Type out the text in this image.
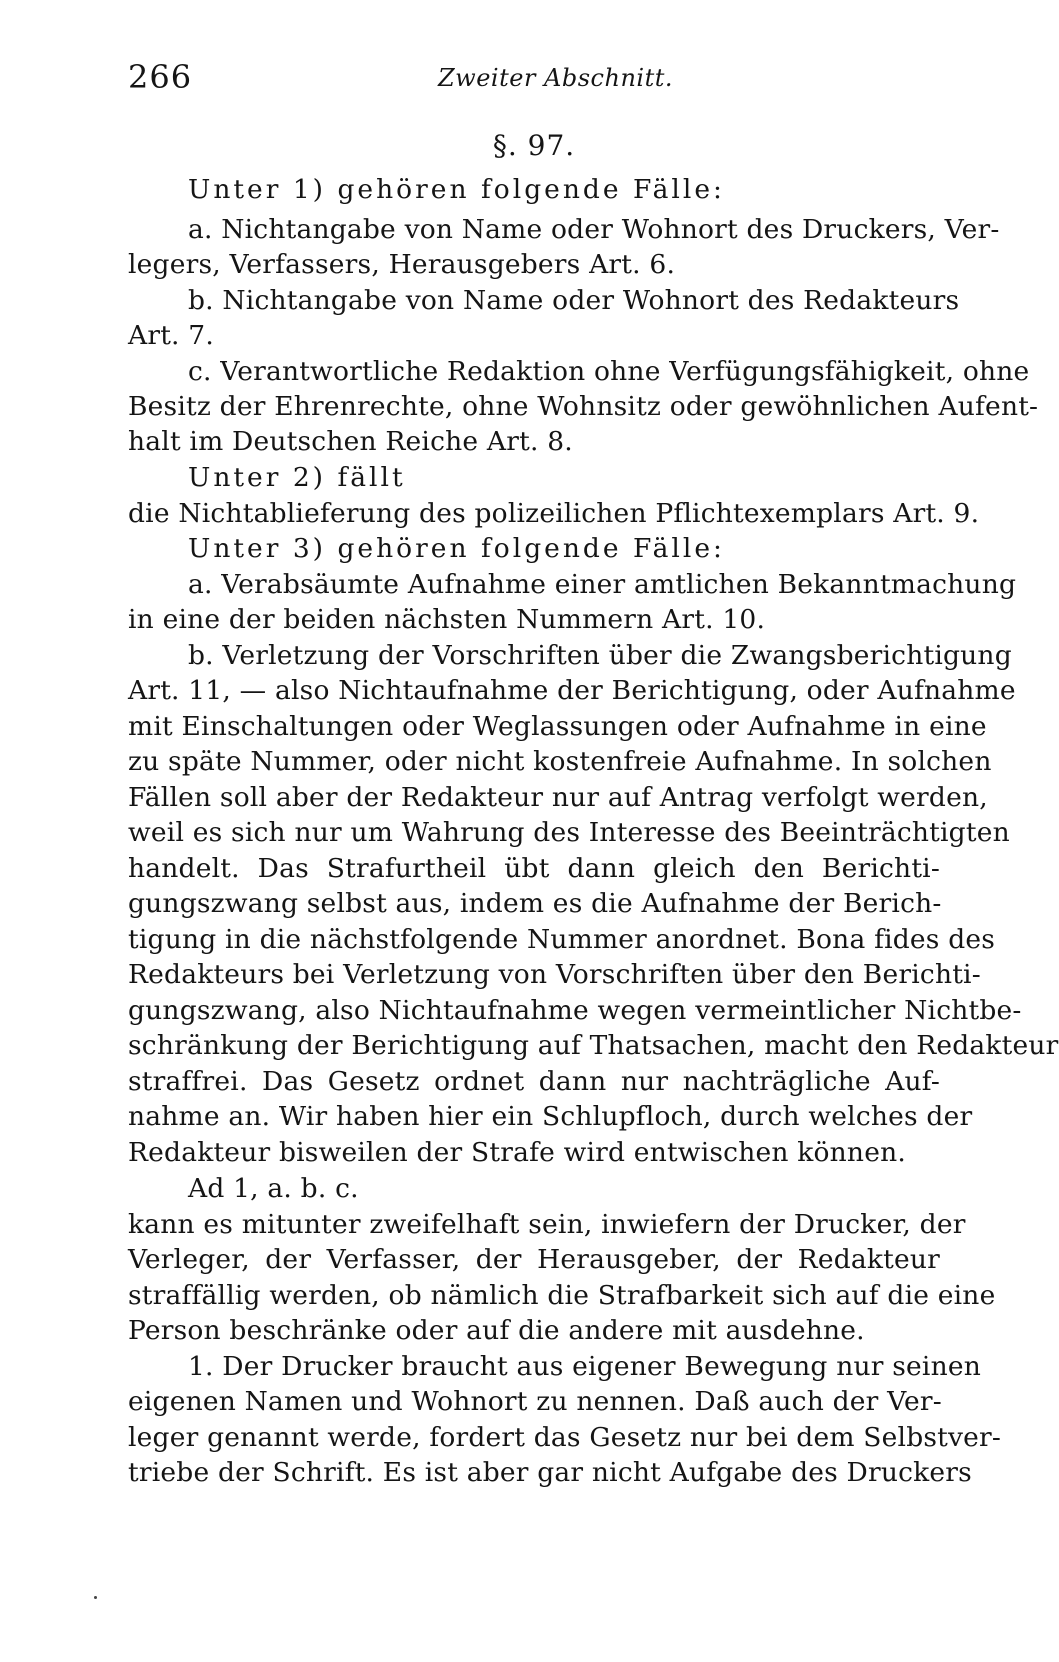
266	Zweiter Abschnitt.
§. 97.
Unter 1) gehören folgende Fälle:
a. Nichtangabe von Name oder Wohnort des Druckers, Ver-
legers, Verfassers, Herausgebers Art. 6.
b. Nichtangabe von Name oder Wohnort des Redakteurs
Art. 7.
c. Verantwortliche Redaktion ohne Verfügungsfähigkeit, ohne
Besitz der Ehrenrechte, ohne Wohnsitz oder gewöhnlichen Aufent-
halt im Deutschen Reiche Art. 8.
Unter 2) fällt
die Nichtablieferung des polizeilichen Pflichtexemplars Art. 9.
Unter 3) gehören folgende Fälle:
a. Verabsäumte Aufnahme einer amtlichen Bekanntmachung
in eine der beiden nächsten Nummern Art. 10.
b. Verletzung der Vorschriften über die Zwangsberichtigung
Art. 11, — also Nichtaufnahme der Berichtigung, oder Aufnahme
mit Einschaltungen oder Weglassungen oder Aufnahme in eine
zu späte Nummer, oder nicht kostenfreie Aufnahme. In solchen
Fällen soll aber der Redakteur nur auf Antrag verfolgt werden,
weil es sich nur um Wahrung des Interesse des Beeinträchtigten
handelt. Das Strafurtheil übt dann gleich den Berichti-
gungszwang selbst aus, indem es die Aufnahme der Berich-
tigung in die nächstfolgende Nummer anordnet. Bona fides des
Redakteurs bei Verletzung von Vorschriften über den Berichti-
gungszwang, also Nichtaufnahme wegen vermeintlicher Nichtbe-
schränkung der Berichtigung auf Thatsachen, macht den Redakteur
straffrei. Das Gesetz ordnet dann nur nachträgliche Auf-
nahme an. Wir haben hier ein Schlupfloch, durch welches der
Redakteur bisweilen der Strafe wird entwischen können.
Ad 1, a. b. c.
kann es mitunter zweifelhaft sein, inwiefern der Drucker, der
Verleger, der Verfasser, der Herausgeber, der Redakteur
straffällig werden, ob nämlich die Strafbarkeit sich auf die eine
Person beschränke oder auf die andere mit ausdehne.
1. Der Drucker braucht aus eigener Bewegung nur seinen
eigenen Namen und Wohnort zu nennen. Daß auch der Ver-
leger genannt werde, fordert das Gesetz nur bei dem Selbstver-
triebe der Schrift. Es ist aber gar nicht Aufgabe des Druckers
